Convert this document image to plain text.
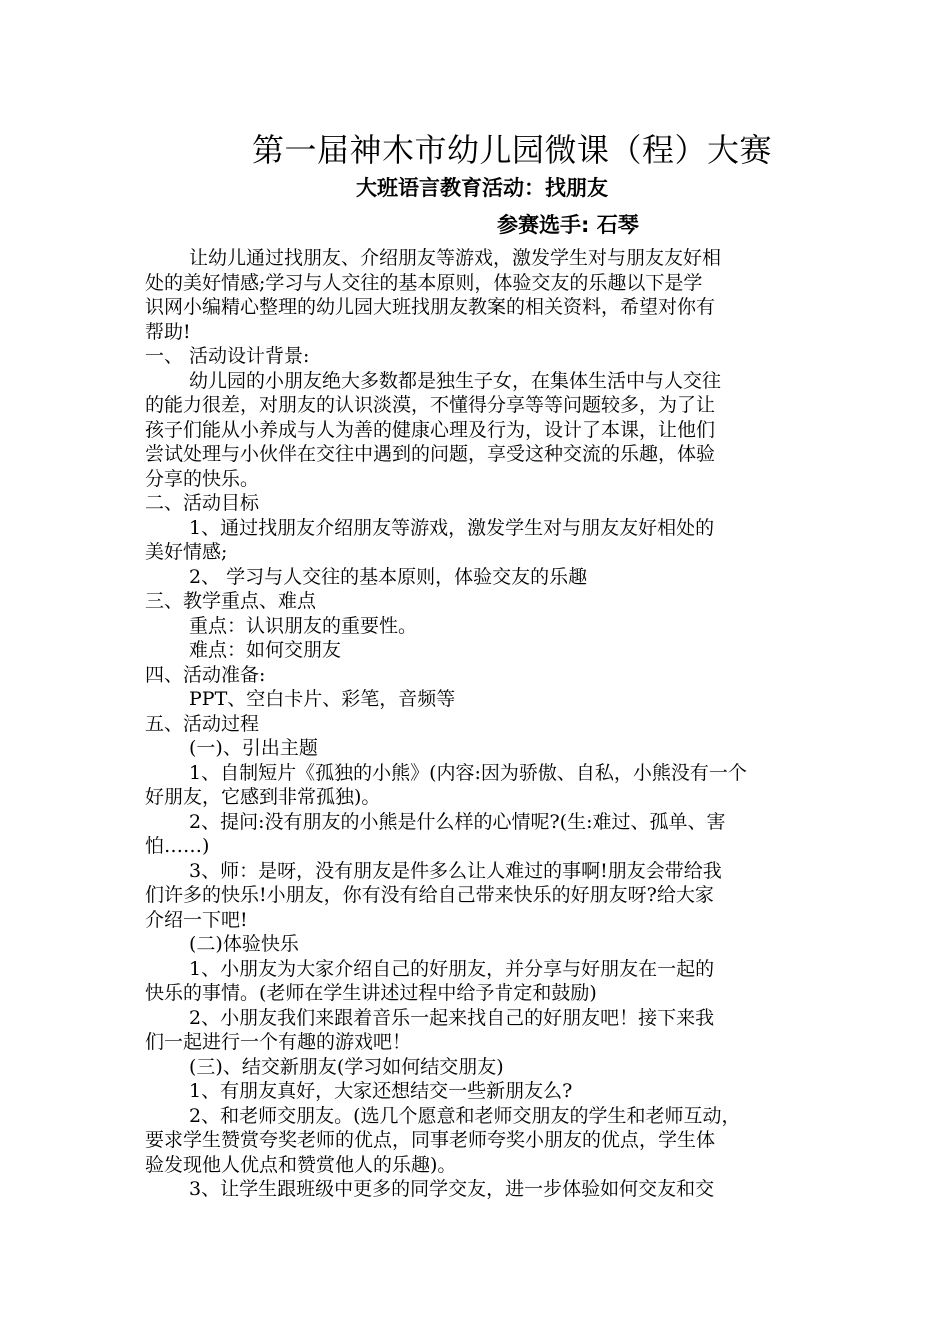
第一届神木市幼儿园微课（程）大赛
大班语言教育活动：找朋友
参赛选手: 石琴
让幼儿通过找朋友、介绍朋友等游戏，激发学生对与朋友友好相
处的美好情感;学习与人交往的基本原则，体验交友的乐趣以下是学
识网小编精心整理的幼儿园大班找朋友教案的相关资料，希望对你有
帮助!
一、 活动设计背景:
幼儿园的小朋友绝大多数都是独生子女，在集体生活中与人交往
的能力很差，对朋友的认识淡漠，不懂得分享等等问题较多，为了让
孩子们能从小养成与人为善的健康心理及行为，设计了本课，让他们
尝试处理与小伙伴在交往中遇到的问题，享受这种交流的乐趣，体验
分享的快乐。
二、活动目标
1、通过找朋友介绍朋友等游戏，激发学生对与朋友友好相处的
美好情感;
2、 学习与人交往的基本原则，体验交友的乐趣
三、教学重点、难点
重点：认识朋友的重要性。
难点：如何交朋友
四、活动准备:
PPT、空白卡片、彩笔，音频等
五、活动过程
(一)、引出主题
1、自制短片《孤独的小熊》(内容:因为骄傲、自私，小熊没有一个
好朋友，它感到非常孤独)。
2、提问:没有朋友的小熊是什么样的心情呢?(生:难过、孤单、害
怕……)
3、师：是呀，没有朋友是件多么让人难过的事啊!朋友会带给我
们许多的快乐!小朋友，你有没有给自己带来快乐的好朋友呀?给大家
介绍一下吧!
(二)体验快乐
1、小朋友为大家介绍自己的好朋友，并分享与好朋友在一起的
快乐的事情。(老师在学生讲述过程中给予肯定和鼓励)
2、小朋友我们来跟着音乐一起来找自己的好朋友吧！接下来我
们一起进行一个有趣的游戏吧！
(三)、结交新朋友(学习如何结交朋友)
1、有朋友真好，大家还想结交一些新朋友么?
2、和老师交朋友。(选几个愿意和老师交朋友的学生和老师互动，
要求学生赞赏夸奖老师的优点，同事老师夸奖小朋友的优点，学生体
验发现他人优点和赞赏他人的乐趣)。
3、让学生跟班级中更多的同学交友，进一步体验如何交友和交
